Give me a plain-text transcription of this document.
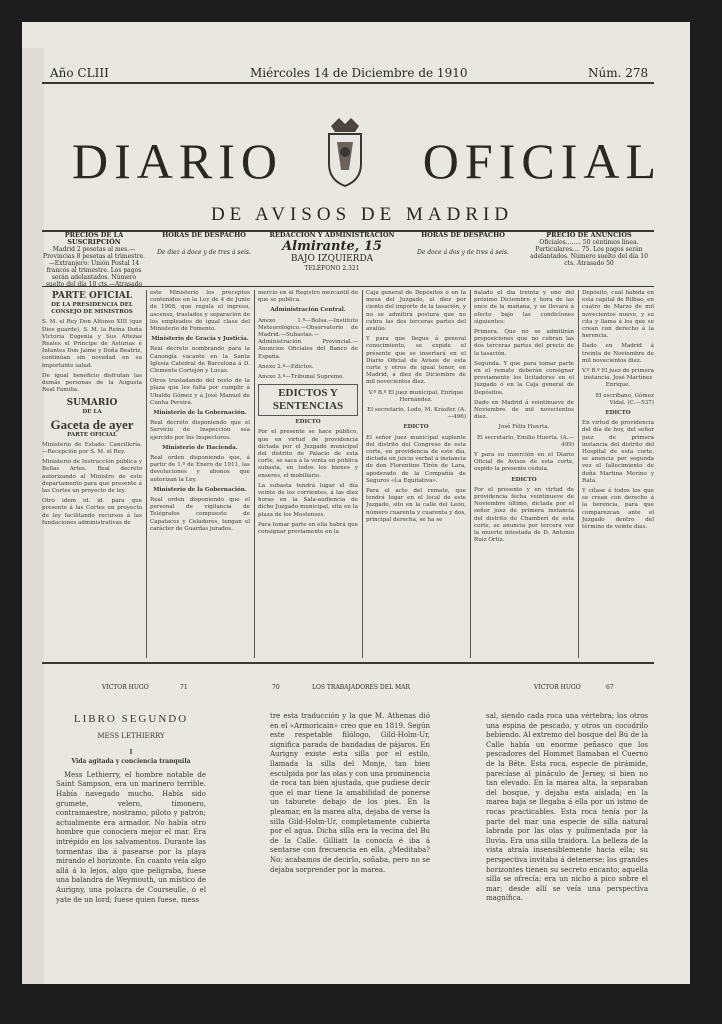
Año CLIII	Miércoles 14 de Diciembre de 1910	Núm. 278
DIARIO	OFICIAL
DE AVISOS DE MADRID
PRECIOS DE LA SUSCRIPCIÓN
Madrid 2 pesetas al mes.—Provincias 8 pesetas al trimestre.—Extranjero: Unión Postal 14 francos al trimestre. Los pagos serán adelantados. Número suelto del día 10 cts.—Atrasado
HORAS DE DESPACHO
De diez á doce y de tres á seis.
REDACCIÓN Y ADMINISTRACIÓN
Almirante, 15
BAJO IZQUIERDA
TELÉFONO 2.321
HORAS DE DESPACHO
De doce á dos y de tres á seis.
PRECIO DE ANUNCIOS
Oficiales........ 50 céntimos línea. Particulares.... 75. Los pagos serán adelantados. Número suelto del día 10 cts. Atrasado 50
PARTE OFICIAL
DE LA PRESIDENCIA DEL CONSEJO DE MINISTROS

S. M. el Rey Don Alfonso XIII (que Dios guarde), S. M. la Reina Doña Victoria Eugenia y Sus Altezas Reales el Príncipe de Asturias é Infantes Don Jaime y Doña Beatriz, continúan sin novedad en su importante salud.

De igual beneficio disfrutan las demás personas de la Augusta Real Familia.

SUMARIO
DE LA
Gaceta de ayer
PARTE OFICIAL

Ministerio de Estado: Cancillería.—Recepción por S. M. el Rey.

Ministerio de Instrucción pública y Bellas Artes. Real decreto autorizando al Ministro de este departamento para que presente á las Cortes un proyecto de ley.

Otro idem id. id. para que presente á las Cortes un proyecto de ley facilitando recursos á las fundaciones administrativas de

este Ministerio los preceptos contenidos en la Ley de 4 de Junio de 1908, que regula el ingreso, ascenso, traslados y separación de los empleados de igual clase del Ministerio de Fomento.

Ministerio de Gracia y Justicia.

Real decreto nombrando para la Canongía vacante en la Santa Iglesia Catedral de Barcelona á D. Clemente Cortejón y Lucas.

Otros trasladando del resto de la plaza que les falta por cumplir á Ubaldo Gómez y á José Manuel de Cunha Pereira.

Ministerio de la Gobernación.

Real decreto disponiendo que el Servicio de Inspección sea ejercido por los Inspectores.

Ministerio de Hacienda.

Real orden disponiendo que, á partir de 1.º de Enero de 1911, las devoluciones y abonos que autorizan la Ley.

Ministerio de la Gobernación.

Real orden disponiendo que el personal de vigilancia de Telégrafos compuesto de Capataces y Celadores, tengan el carácter de Guardas jurados.

mercio en el Registro mercantil de que se publica.

Administración Central.

Anexo 1.º—Bolsa.—Instituto Meteorológico.—Observatorio de Madrid.—Subastas.—Administración Provincial.—Anuncios Oficiales del Banco de España.

Anexo 2.º—Edictos.

Anexo 3.º—Tribunal Supremo.

EDICTOS Y SENTENCIAS
EDICTO

Por el presente se hace público, que en virtud de providencia dictada por el Juzgado municipal del distrito de Palacio de esta corte, se saca á la venta en pública subasta, en todos los bienes y enseres, el mobiliario.

La subasta tendrá lugar el día veinte de los corrientes, á las diez horas en la Sala-audiencia de dicho Juzgado municipal, sita en la plaza de los Mostenses.

Para tomar parte en ella habrá que consignar previamente en la

Caja general de Depósitos ó en la mesa del Juzgado, el diez por ciento del importe de la tasación, y no se admitirá postura que no cubra las dos terceras partes del avalúo.

Y para que llegue á general conocimiento, se expide el presente que se insertará en el Diario Oficial de Avisos de esta corte y otros de igual tenor, en Madrid, á diez de Diciembre de mil novecientos diez.

V.º B.º El juez municipal, Enrique Hernández.

El secretario, Lodo, M. Krasfer. (A.—496)

EDICTO

El señor juez municipal suplente del distrito del Congreso de esta corte, en providencia de este día, dictada en juicio verbal á instancia de don Florentino Tirón de Lara, apoderado de la Compañía de Seguros «La Equitativa».

Para el acto del remate, que tendrá lugar en el local de este Juzgado, sito en la calle del León, número cuarenta y cuarenta y dos, principal derecha, se ha se

ñalado el día treinta y uno del próximo Diciembre y hora de las once de la mañana, y se llevará á efecto bajo las condiciones siguientes:

Primera. Que no se admitirán proposiciones que no cubran las dos terceras partes del precio de la tasación.

Segunda. Y que para tomar parte en el remate deberán consignar previamente los licitadores en el Juzgado ó en la Caja general de Depósitos.

Dado en Madrid á veintinueve de Noviembre de mil novecientos diez.

José Félix Huerta.

El secretario, Emilio Huerta. (A.—499)

Y para su inserción en el Diario Oficial de Avisos de esta corte, expido la presente cédula.

EDICTO

Por el presente y en virtud de providencia fecha veintinueve de Noviembre último, dictada por el señor juez de primera instancia del distrito de Chamberí de esta corte, se anuncia por tercera vez la muerte intestada de D. Antonio Ruiz Ortiz.

Depósito, cuál habida en esta capital de Bilbao, en cuatro de Marzo de mil novecientos nueve, y su cita y llama á los que se crean con derecho á la herencia.

Dado en Madrid á treinta de Noviembre de mil novecientos diez.

V.º B.º El juez de primera instancia, José Martínez Enrique.

El escribano, Gómez Vidal. (C.—537)

EDICTO

En virtud de providencia del día de hoy, del señor juez de primera instancia del distrito del Hospital de esta corte, se anuncia por segunda vez el fallecimiento de doña Martina Merino y Rata.

Y cítase á todos los que se crean con derecho á la herencia, para que comparezcan ante el Juzgado dentro del término de veinte días.

VÍCTOR HUGO	71	70	LOS TRABAJADORES DEL MAR	VÍCTOR HUGO	67
LIBRO SEGUNDO
MESS LETHIERRY
I
Vida agitada y conciencia tranquila

Mess Lethierry, el hombre notable de Saint Sampson, era un marinero terrible. Había navegado mucho. Había sido grumete, velero, timonero, contramaestre, nostramo, piloto y patrón; actualmente era armador. No había otro hombre que conociera mejor el mar. Era intrépido en los salvamentos. Durante las tormentas iba á pasearse por la playa mirando el horizonte. En cuanto veía algo allá á lo lejos, algo que peligraba, fuese una balandra de Weymouth, un místico de Aurigny, una polacra de Courseulle, ó el yate de un lord; fuese quien fuese, mess

tre esta traducción y la que M. Athenas dió en el «Armoricain» creo que en 1819. Según este respetable filólogo, Gild-Holm-Ur, significa parada de bandadas de pájaros. En Aurigny existe esta silla por el estilo, llamada la silla del Monje, tan bien esculpida por las olas y con una prominencia de roca tan bien ajustada, que pudiese decir que el mar tiene la amabilidad de ponerse un taburete debajo de los pies. En la pleamar, en la marea alta, dejaba de verse la silla Gild-Holm-Ur, completamente cubierta por el agua. Dicha silla era la vecina del Bú de la Calle. Gilliatt la conocía é iba á sentarse con frecuencia en ella. ¿Meditaba? No; acabamos de decirlo, soñaba, pero no se dejaba sorprender por la marea.

sal, siendo cada roca una vértebra; los otros una espina de pescado, y otros un cocodrilo bebiendo. Al extremo del bosque del Bú de la Calle había un enorme peñasco que los pescadores del Hommet llamaban el Cuerno de la Bête. Esta roca, especie de pirámide, parecíase al pináculo de Jersey, si bien no tan elevado. En la marea alta, la separaban del bosque, y dejaba esta aislada; en la marea baja se llegaba á ella por un istmo de rocas practicables. Esta roca tenía por la parte del mar una especie de silla natural labrada por las olas y pulimentada por la lluvia. Era una silla traidora. La belleza de la vista atraía insensiblemente hacia ella; su perspectiva invitaba á detenerse; los grandes horizontes tienen su secreto encanto; aquella silla se ofrecía; era un nicho á pico sobre el mar; desde allí se veía una perspectiva magnífica.
